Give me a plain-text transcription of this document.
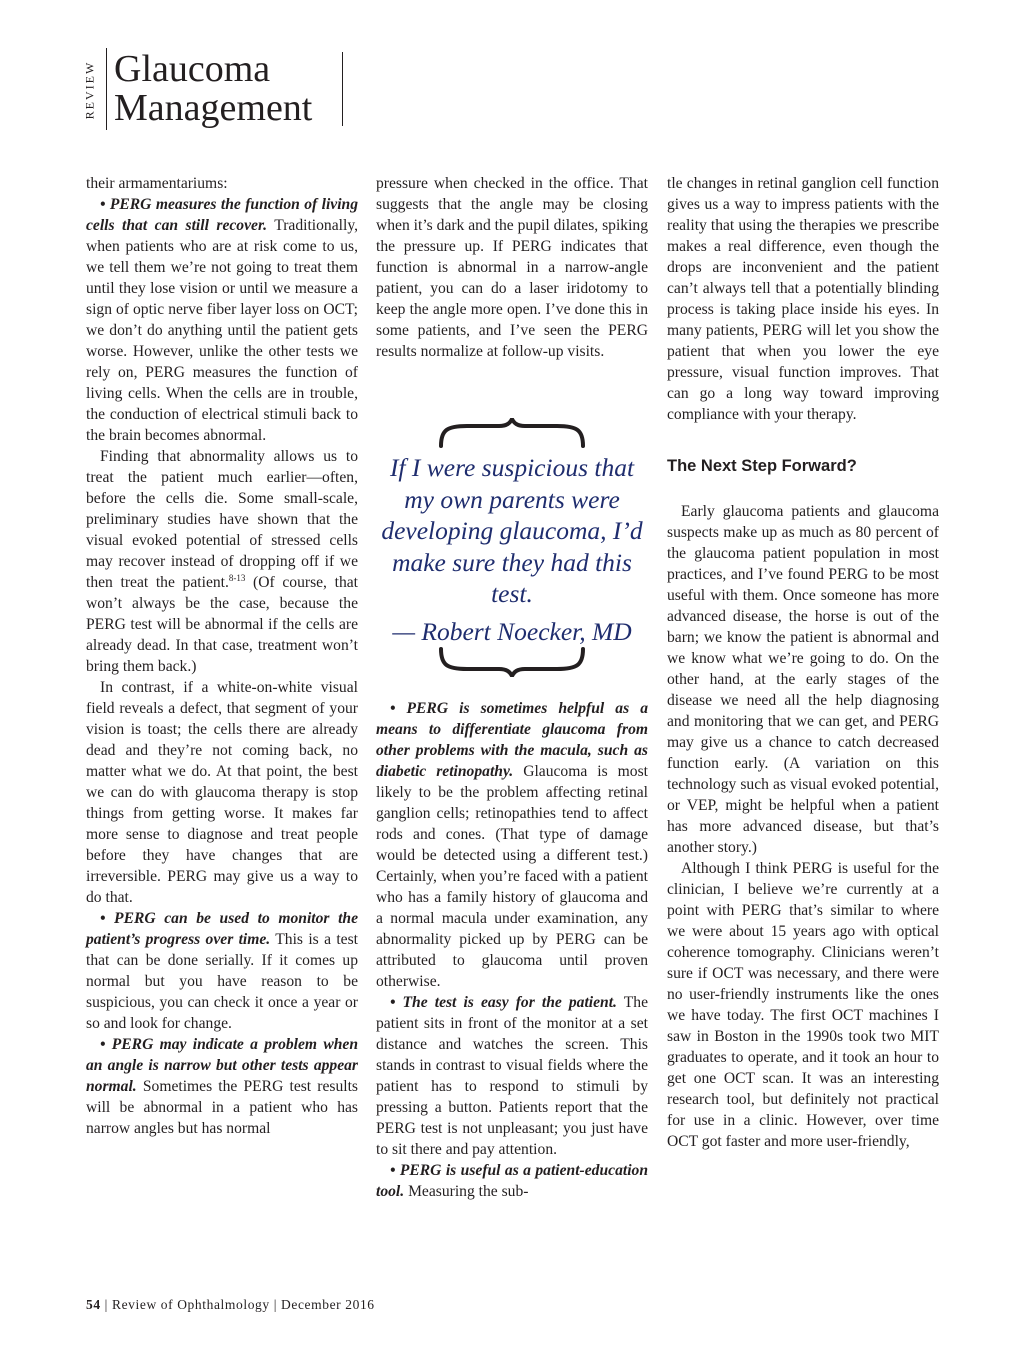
REVIEW Glaucoma
Management

their armamentariums:

• PERG measures the function of living cells that can still recover. Traditionally, when patients who are at risk come to us, we tell them we’re not going to treat them until they lose vision or until we measure a sign of optic nerve fiber layer loss on OCT; we don’t do anything until the patient gets worse. However, unlike the other tests we rely on, PERG measures the function of living cells. When the cells are in trouble, the conduction of electrical stimuli back to the brain becomes abnormal.

Finding that abnormality allows us to treat the patient much earlier—often, before the cells die. Some small-scale, preliminary studies have shown that the visual evoked potential of stressed cells may recover instead of dropping off if we then treat the patient.$^{8-13}$ (Of course, that won’t always be the case, because the PERG test will be abnormal if the cells are already dead. In that case, treatment won’t bring them back.)

In contrast, if a white-on-white visual field reveals a defect, that segment of your vision is toast; the cells there are already dead and they’re not coming back, no matter what we do. At that point, the best we can do with glaucoma therapy is stop things from getting worse. It makes far more sense to diagnose and treat people before they have changes that are irreversible. PERG may give us a way to do that.

• PERG can be used to monitor the patient’s progress over time. This is a test that can be done serially. If it comes up normal but you have reason to be suspicious, you can check it once a year or so and look for change.

• PERG may indicate a problem when an angle is narrow but other tests appear normal. Sometimes the PERG test results will be abnormal in a patient who has narrow angles but has normal

pressure when checked in the office. That suggests that the angle may be closing when it’s dark and the pupil dilates, spiking the pressure up. If PERG indicates that function is abnormal in a narrow-angle patient, you can do a laser iridotomy to keep the angle more open. I’ve done this in some patients, and I’ve seen the PERG results normalize at follow-up visits.

If I were suspicious that my own parents were developing glaucoma, I’d make sure they had this test.
— Robert Noecker, MD

• PERG is sometimes helpful as a means to differentiate glaucoma from other problems with the macula, such as diabetic retinopathy. Glaucoma is most likely to be the problem affecting retinal ganglion cells; retinopathies tend to affect rods and cones. (That type of damage would be detected using a different test.) Certainly, when you’re faced with a patient who has a family history of glaucoma and a normal macula under examination, any abnormality picked up by PERG can be attributed to glaucoma until proven otherwise.

• The test is easy for the patient. The patient sits in front of the monitor at a set distance and watches the screen. This stands in contrast to visual fields where the patient has to respond to stimuli by pressing a button. Patients report that the PERG test is not unpleasant; you just have to sit there and pay attention.

• PERG is useful as a patient-education tool. Measuring the sub-

tle changes in retinal ganglion cell function gives us a way to impress patients with the reality that using the therapies we prescribe makes a real difference, even though the drops are inconvenient and the patient can’t always tell that a potentially blinding process is taking place inside his eyes. In many patients, PERG will let you show the patient that when you lower the eye pressure, visual function improves. That can go a long way toward improving compliance with your therapy.

The Next Step Forward?

Early glaucoma patients and glaucoma suspects make up as much as 80 percent of the glaucoma patient population in most practices, and I’ve found PERG to be most useful with them. Once someone has more advanced disease, the horse is out of the barn; we know the patient is abnormal and we know what we’re going to do. On the other hand, at the early stages of the disease we need all the help diagnosing and monitoring that we can get, and PERG may give us a chance to catch decreased function early. (A variation on this technology such as visual evoked potential, or VEP, might be helpful when a patient has more advanced disease, but that’s another story.)

Although I think PERG is useful for the clinician, I believe we’re currently at a point with PERG that’s similar to where we were about 15 years ago with optical coherence tomography. Clinicians weren’t sure if OCT was necessary, and there were no user-friendly instruments like the ones we have today. The first OCT machines I saw in Boston in the 1990s took two MIT graduates to operate, and it took an hour to get one OCT scan. It was an interesting research tool, but definitely not practical for use in a clinic. However, over time OCT got faster and more user-friendly,

54 | Review of Ophthalmology | December 2016
